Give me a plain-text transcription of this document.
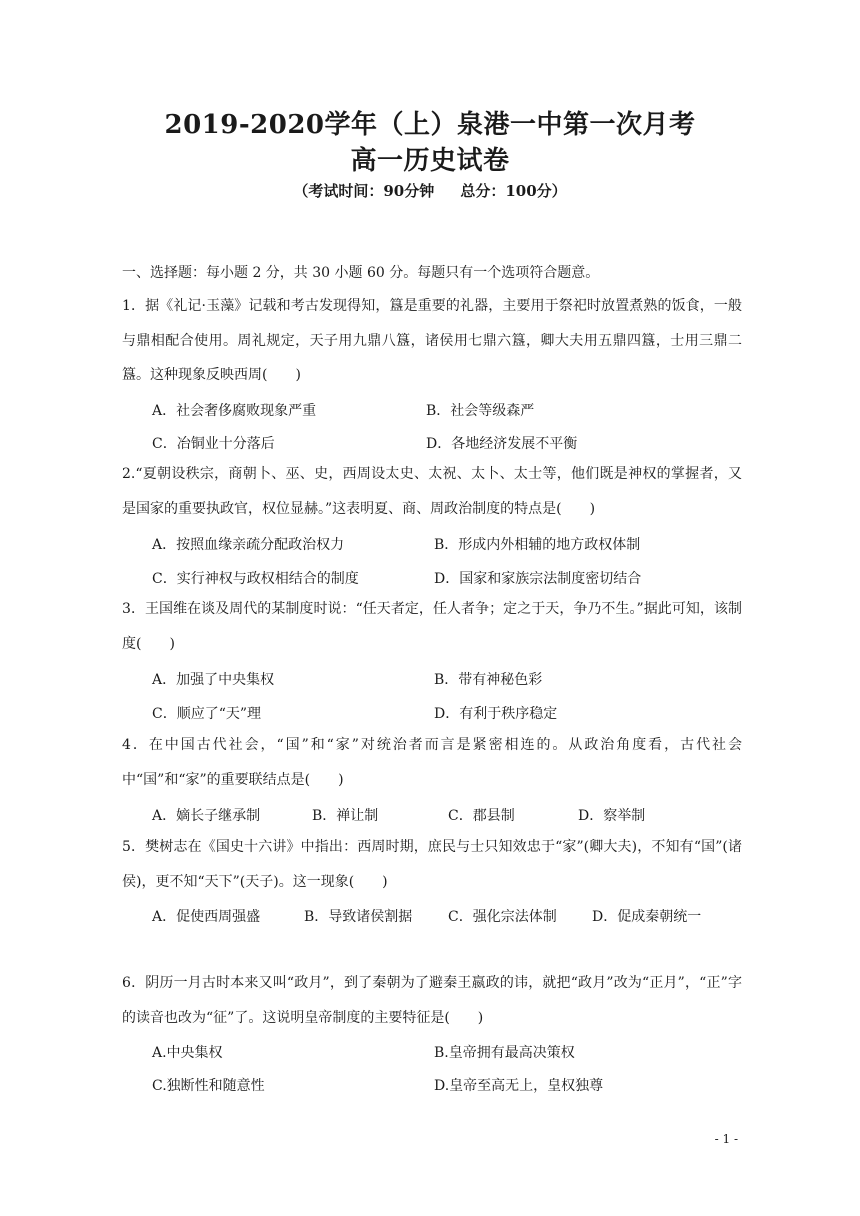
2019-2020学年（上）泉港一中第一次月考
高一历史试卷
（考试时间：90分钟     总分：100分）
一、选择题：每小题 2 分，共 30 小题 60 分。每题只有一个选项符合题意。
1．据《礼记·玉藻》记载和考古发现得知，簋是重要的礼器，主要用于祭祀时放置煮熟的饭食，一般与鼎相配合使用。周礼规定，天子用九鼎八簋，诸侯用七鼎六簋，卿大夫用五鼎四簋，士用三鼎二簋。这种现象反映西周(　　)
A．社会奢侈腐败现象严重	B．社会等级森严
C．冶铜业十分落后	D．各地经济发展不平衡
2.“夏朝设秩宗，商朝卜、巫、史，西周设太史、太祝、太卜、太士等，他们既是神权的掌握者，又是国家的重要执政官，权位显赫。”这表明夏、商、周政治制度的特点是(　　)
A．按照血缘亲疏分配政治权力	B．形成内外相辅的地方政权体制
C．实行神权与政权相结合的制度	D．国家和家族宗法制度密切结合
3．王国维在谈及周代的某制度时说：“任天者定，任人者争；定之于天，争乃不生。”据此可知，该制度(　　)
A．加强了中央集权	B．带有神秘色彩
C．顺应了“天”理	D．有利于秩序稳定
4．在中国古代社会，“国”和“家”对统治者而言是紧密相连的。从政治角度看，古代社会中“国”和“家”的重要联结点是(　　)
A．嫡长子继承制	B．禅让制	C．郡县制	D．察举制
5．樊树志在《国史十六讲》中指出：西周时期，庶民与士只知效忠于“家”(卿大夫)，不知有“国”(诸侯)，更不知“天下”(天子)。这一现象(　　)
A．促使西周强盛	B．导致诸侯割据	C．强化宗法体制	D．促成秦朝统一
6．阴历一月古时本来又叫“政月”，到了秦朝为了避秦王嬴政的讳，就把“政月”改为“正月”，“正”字的读音也改为“征”了。这说明皇帝制度的主要特征是(　　)
A.中央集权	B.皇帝拥有最高决策权
C.独断性和随意性	D.皇帝至高无上，皇权独尊
- 1 -
